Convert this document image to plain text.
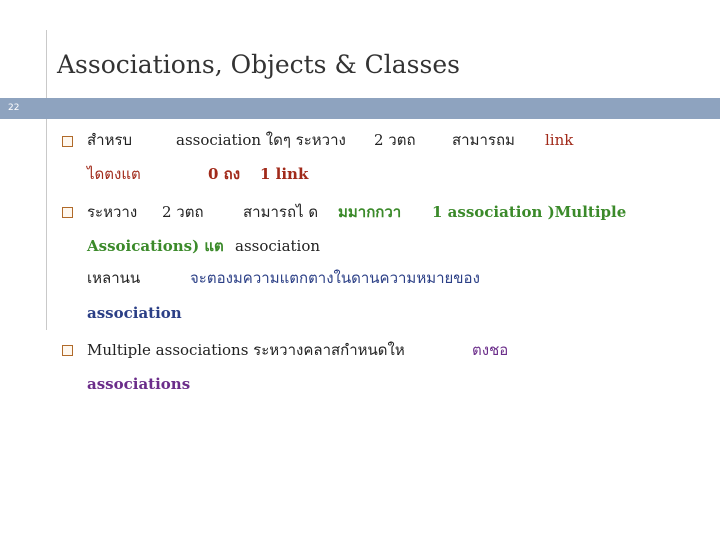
Associations, Objects & Classes
22
สำหรบ	association ใดๆ ระหวาง 2 วตถ สามารถม link
ไดตงแต	0 ถง 1 link
ระหวาง 2 วตถ	สามารถไ ด มมากกวา 1 association )Multiple
Assoications) แต association
เหลานน	จะตองมความแตกตางในดานความหมายของ
association
Multiple associations ระหวางคลาสกำหนดให	ตงชอ
associations
